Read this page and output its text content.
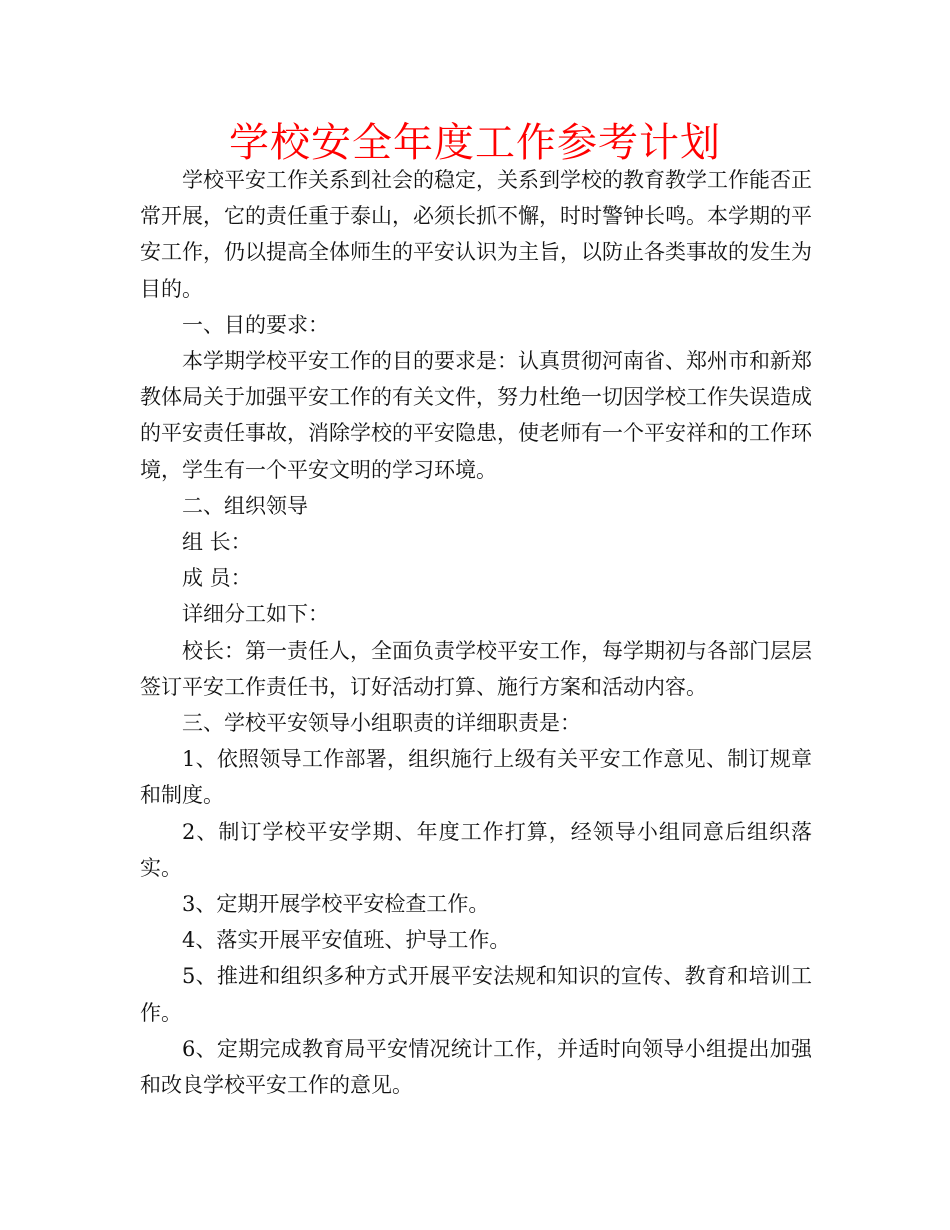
学校安全年度工作参考计划

学校平安工作关系到社会的稳定，关系到学校的教育教学工作能否正常开展，它的责任重于泰山，必须长抓不懈，时时警钟长鸣。本学期的平安工作，仍以提高全体师生的平安认识为主旨，以防止各类事故的发生为目的。

一、目的要求：

本学期学校平安工作的目的要求是：认真贯彻河南省、郑州市和新郑教体局关于加强平安工作的有关文件，努力杜绝一切因学校工作失误造成的平安责任事故，消除学校的平安隐患，使老师有一个平安祥和的工作环境，学生有一个平安文明的学习环境。

二、组织领导

组 长：

成 员：

详细分工如下：

校长：第一责任人，全面负责学校平安工作，每学期初与各部门层层签订平安工作责任书，订好活动打算、施行方案和活动内容。

三、学校平安领导小组职责的详细职责是：

1、依照领导工作部署，组织施行上级有关平安工作意见、制订规章和制度。

2、制订学校平安学期、年度工作打算，经领导小组同意后组织落实。

3、定期开展学校平安检查工作。

4、落实开展平安值班、护导工作。

5、推进和组织多种方式开展平安法规和知识的宣传、教育和培训工作。

6、定期完成教育局平安情况统计工作，并适时向领导小组提出加强和改良学校平安工作的意见。
